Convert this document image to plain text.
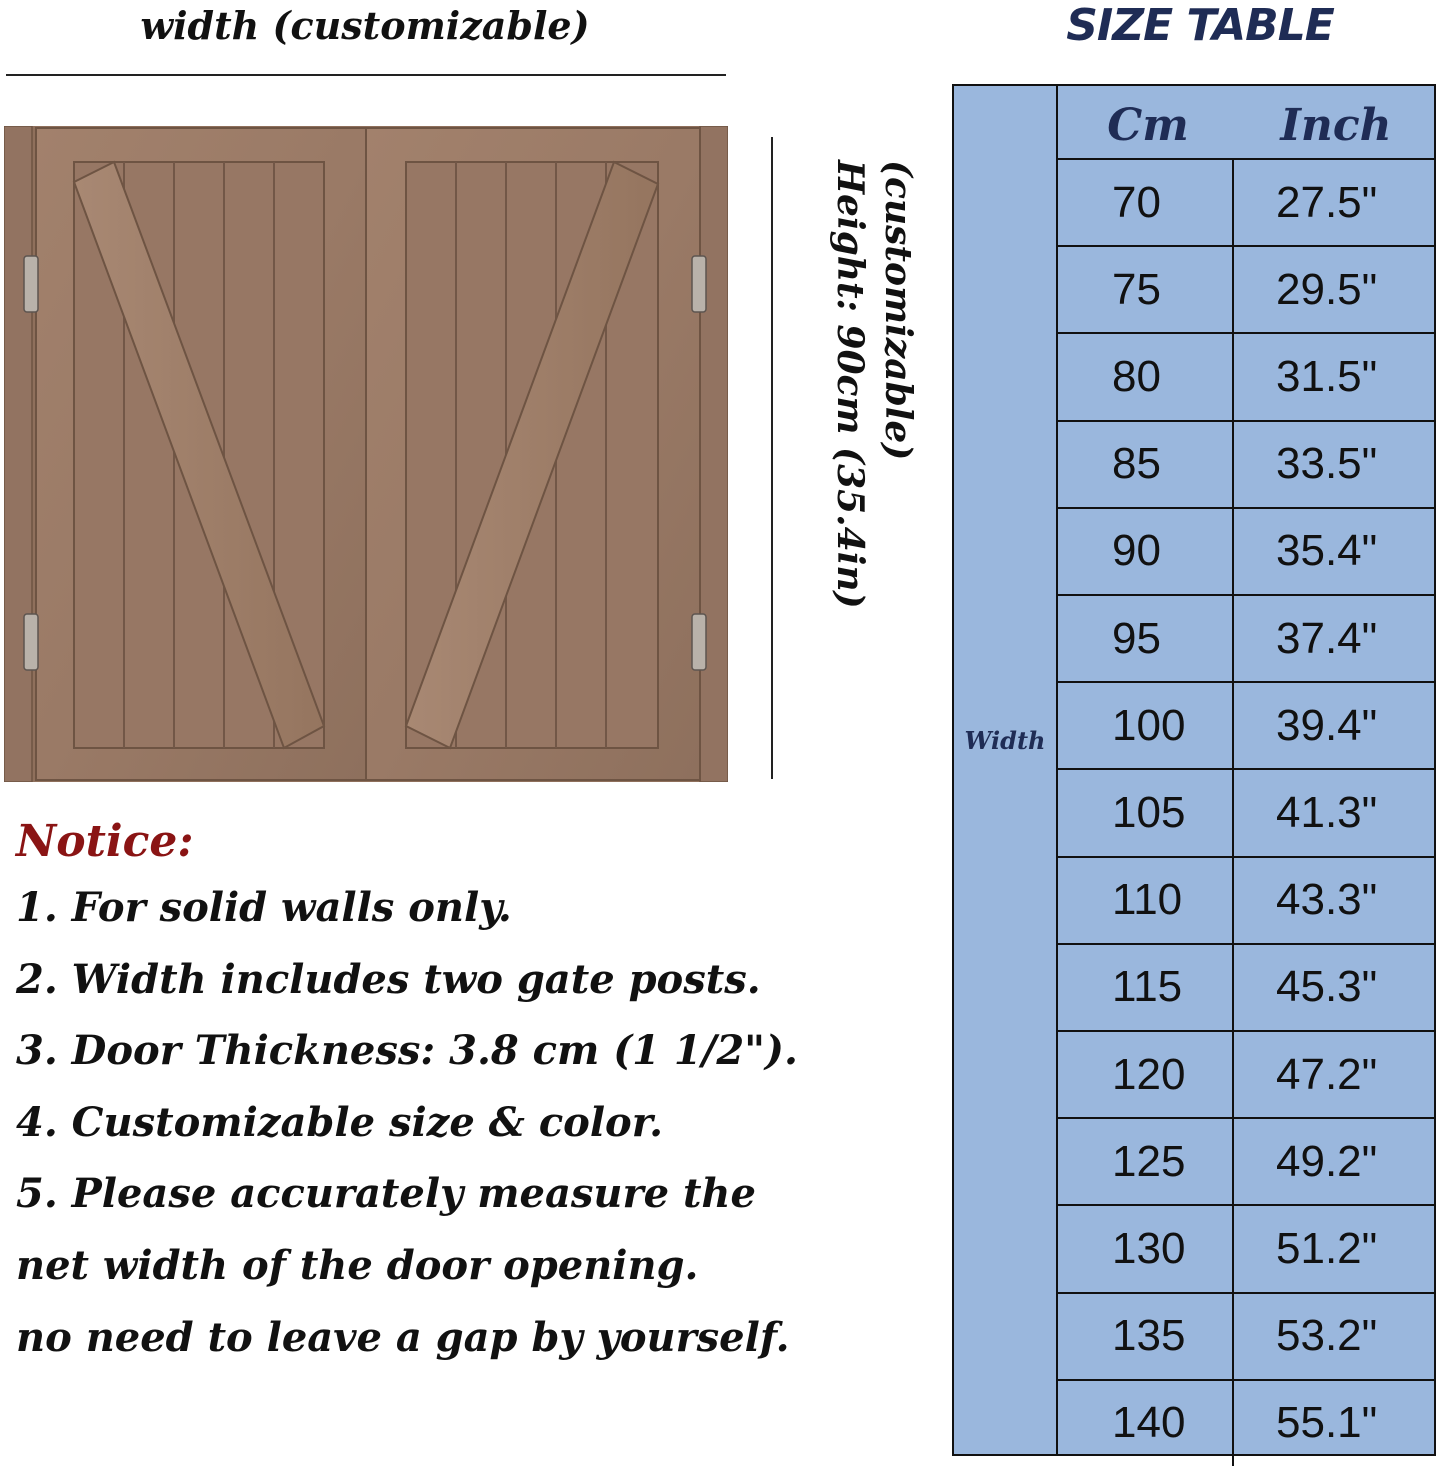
width (customizable)
(customizable)
Height: 90cm (35.4in)

Notice:

1. For solid walls only.

2. Width includes two gate posts.

3. Door Thickness: 3.8 cm (1 1/2").

4. Customizable size & color.

5. Please accurately measure the

net width of the door opening.

no need to leave a gap by yourself.

SIZE TABLE
Width
Cm	Inch
70	27.5"
75	29.5"
80	31.5"
85	33.5"
90	35.4"
95	37.4"
100	39.4"
105	41.3"
110	43.3"
115	45.3"
120	47.2"
125	49.2"
130	51.2"
135	53.2"
140	55.1"
